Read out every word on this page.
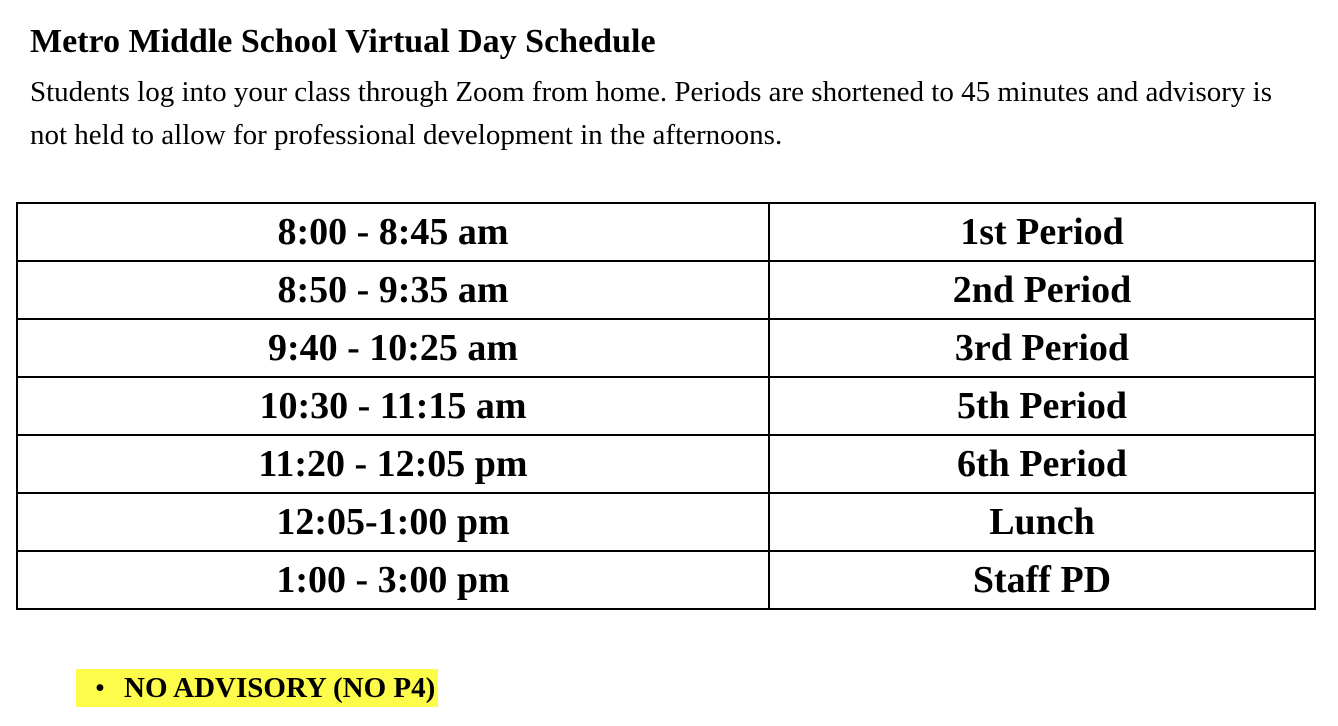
Metro Middle School Virtual Day Schedule
Students log into your class through Zoom from home. Periods are shortened to 45 minutes and advisory is not held to allow for professional development in the afternoons.
8:00 - 8:45 am	1st Period
8:50 - 9:35 am	2nd Period
9:40 - 10:25 am	3rd Period
10:30 - 11:15 am	5th Period
11:20 - 12:05 pm	6th Period
12:05-1:00 pm	Lunch
1:00 - 3:00 pm	Staff PD
• NO ADVISORY (NO P4)
